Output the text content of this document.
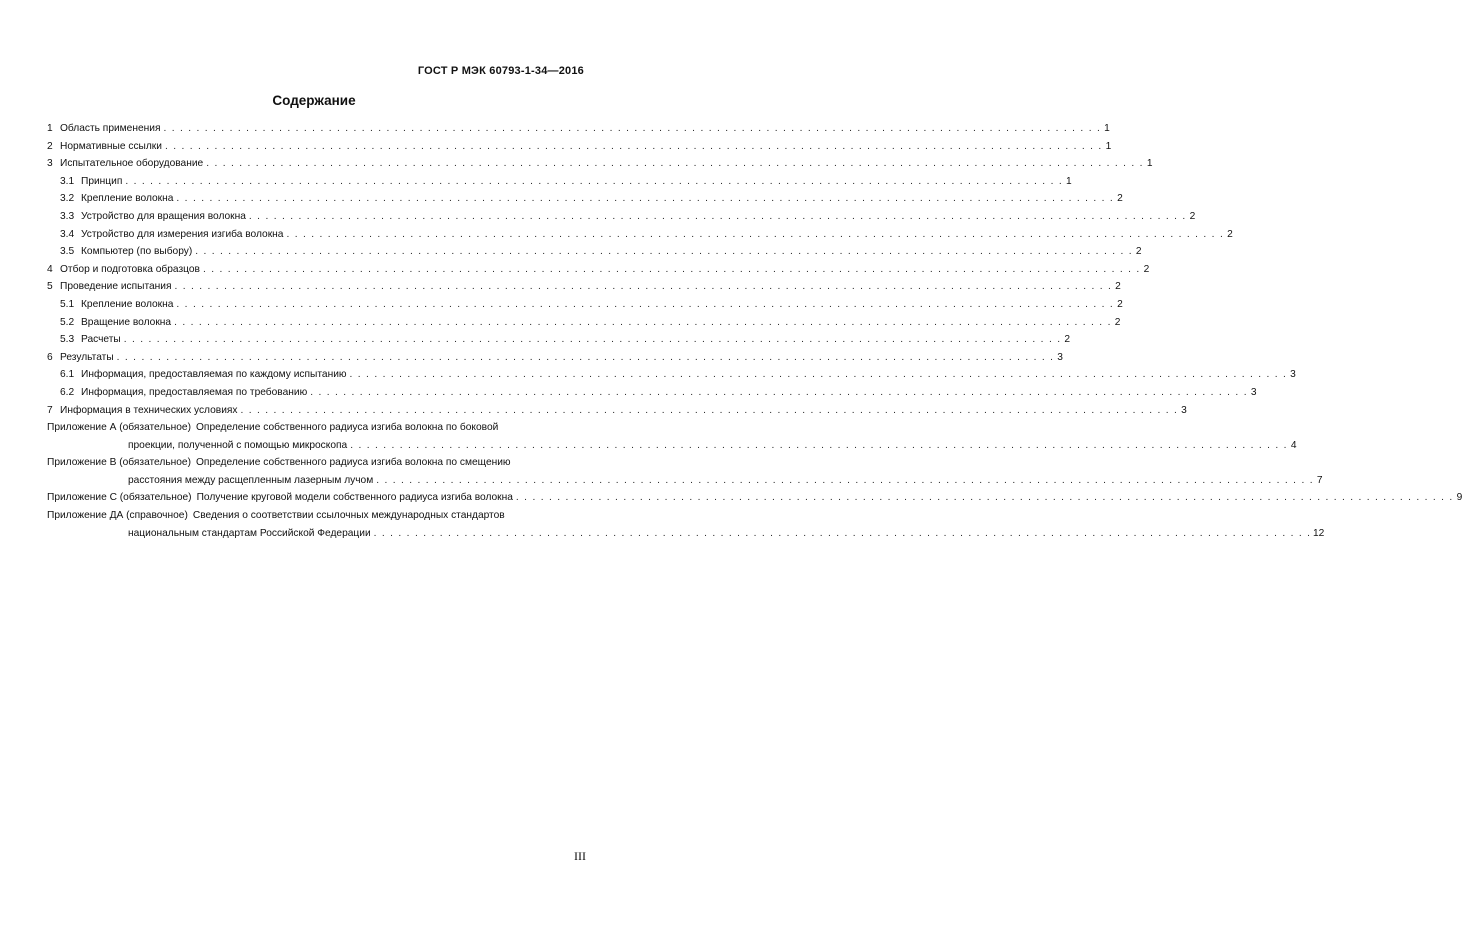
ГОСТ Р МЭК 60793-1-34—2016
Содержание
1 Область применения . . .	1
2 Нормативные ссылки . . .	1
3 Испытательное оборудование . . .	1
3.1 Принцип . . .	1
3.2 Крепление волокна . . .	2
3.3 Устройство для вращения волокна . . .	2
3.4 Устройство для измерения изгиба волокна . . .	2
3.5 Компьютер (по выбору) . . .	2
4 Отбор и подготовка образцов . . .	2
5 Проведение испытания . . .	2
5.1 Крепление волокна . . .	2
5.2 Вращение волокна . . .	2
5.3 Расчеты . . .	2
6 Результаты . . .	3
6.1 Информация, предоставляемая по каждому испытанию . . .	3
6.2 Информация, предоставляемая по требованию . . .	3
7 Информация в технических условиях . . .	3
Приложение А (обязательное) Определение собственного радиуса изгиба волокна по боковой
проекции, полученной с помощью микроскопа . . .	4
Приложение В (обязательное) Определение собственного радиуса изгиба волокна по смещению
расстояния между расщепленным лазерным лучом . . .	7
Приложение С (обязательное) Получение круговой модели собственного радиуса изгиба волокна . . .	9
Приложение ДА (справочное) Сведения о соответствии ссылочных международных стандартов
национальным стандартам Российской Федерации . . .	12
III
